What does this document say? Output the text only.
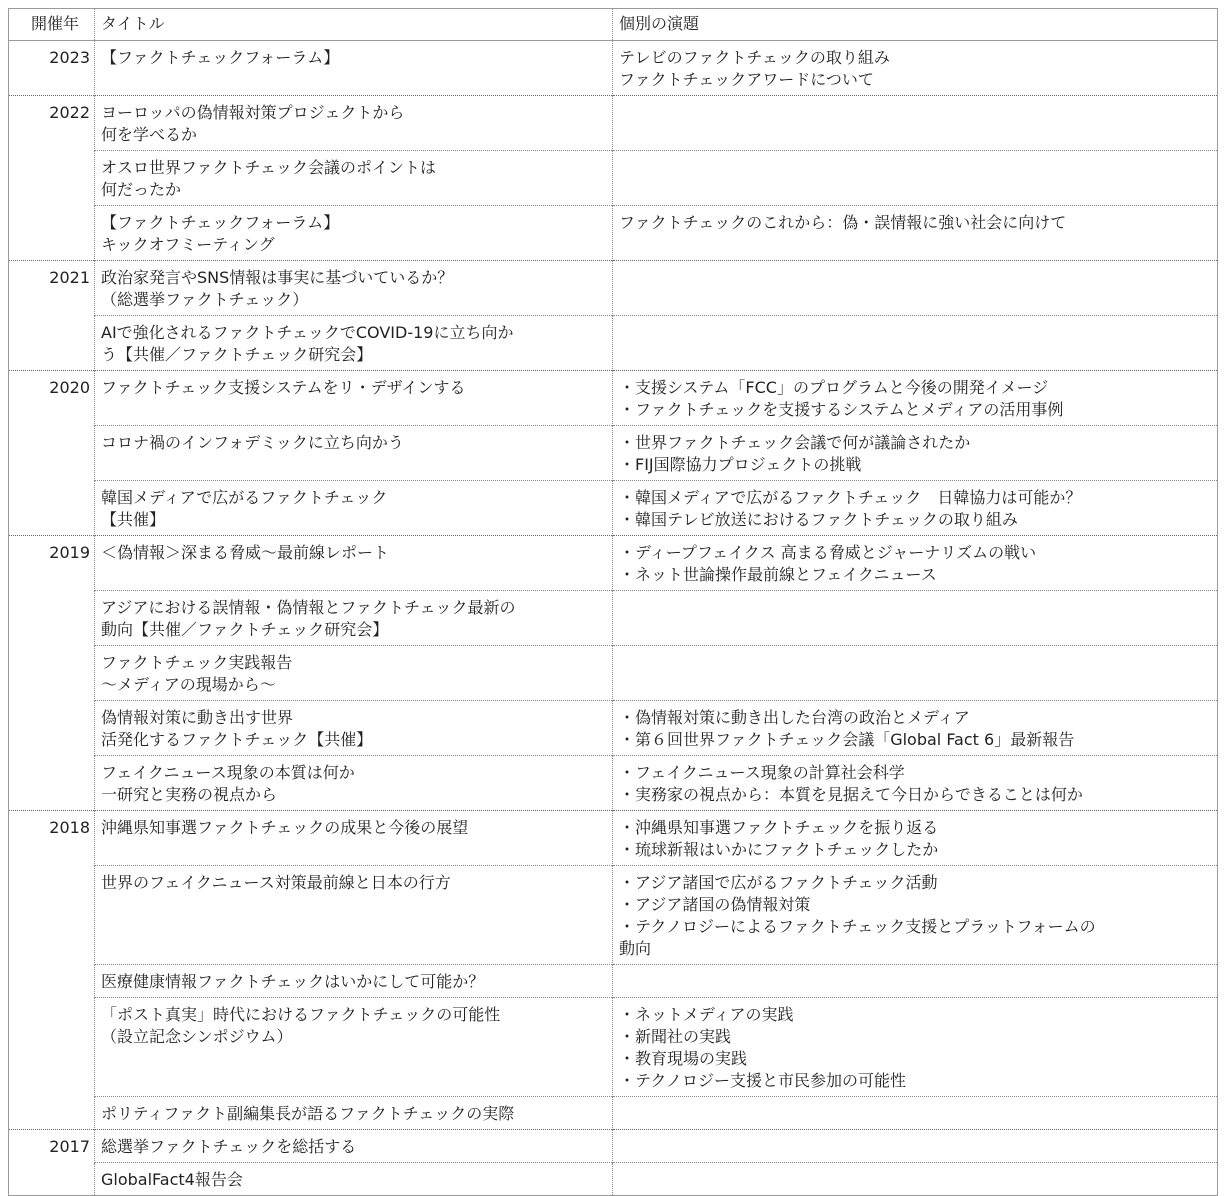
開催年	タイトル	個別の演題
2023	【ファクトチェックフォーラム】	テレビのファクトチェックの取り組み
ファクトチェックアワードについて
2022	ヨーロッパの偽情報対策プロジェクトから
何を学べるか	
	オスロ世界ファクトチェック会議のポイントは
何だったか	
	【ファクトチェックフォーラム】
キックオフミーティング	ファクトチェックのこれから：偽・誤情報に強い社会に向けて
2021	政治家発言やSNS情報は事実に基づいているか？
（総選挙ファクトチェック）	
	AIで強化されるファクトチェックでCOVID-19に立ち向か
う【共催／ファクトチェック研究会】	
2020	ファクトチェック支援システムをリ・デザインする	・支援システム「FCC」のプログラムと今後の開発イメージ
・ファクトチェックを支援するシステムとメディアの活用事例
	コロナ禍のインフォデミックに立ち向かう	・世界ファクトチェック会議で何が議論されたか
・FIJ国際協力プロジェクトの挑戦
	韓国メディアで広がるファクトチェック
【共催】	・韓国メディアで広がるファクトチェック　日韓協力は可能か？
・韓国テレビ放送におけるファクトチェックの取り組み
2019	＜偽情報＞深まる脅威〜最前線レポート	・ディープフェイクス 高まる脅威とジャーナリズムの戦い
・ネット世論操作最前線とフェイクニュース
	アジアにおける誤情報・偽情報とファクトチェック最新の
動向【共催／ファクトチェック研究会】	
	ファクトチェック実践報告
〜メディアの現場から〜	
	偽情報対策に動き出す世界
活発化するファクトチェック【共催】	・偽情報対策に動き出した台湾の政治とメディア
・第６回世界ファクトチェック会議「Global Fact 6」最新報告
	フェイクニュース現象の本質は何か
一研究と実務の視点から	・フェイクニュース現象の計算社会科学
・実務家の視点から：本質を見据えて今日からできることは何か
2018	沖縄県知事選ファクトチェックの成果と今後の展望	・沖縄県知事選ファクトチェックを振り返る
・琉球新報はいかにファクトチェックしたか
	世界のフェイクニュース対策最前線と日本の行方	・アジア諸国で広がるファクトチェック活動
・アジア諸国の偽情報対策
・テクノロジーによるファクトチェック支援とプラットフォームの
動向
	医療健康情報ファクトチェックはいかにして可能か？	
	「ポスト真実」時代におけるファクトチェックの可能性
（設立記念シンポジウム）	・ネットメディアの実践
・新聞社の実践
・教育現場の実践
・テクノロジー支援と市民参加の可能性
	ポリティファクト副編集長が語るファクトチェックの実際	
2017	総選挙ファクトチェックを総括する	
	GlobalFact4報告会	
